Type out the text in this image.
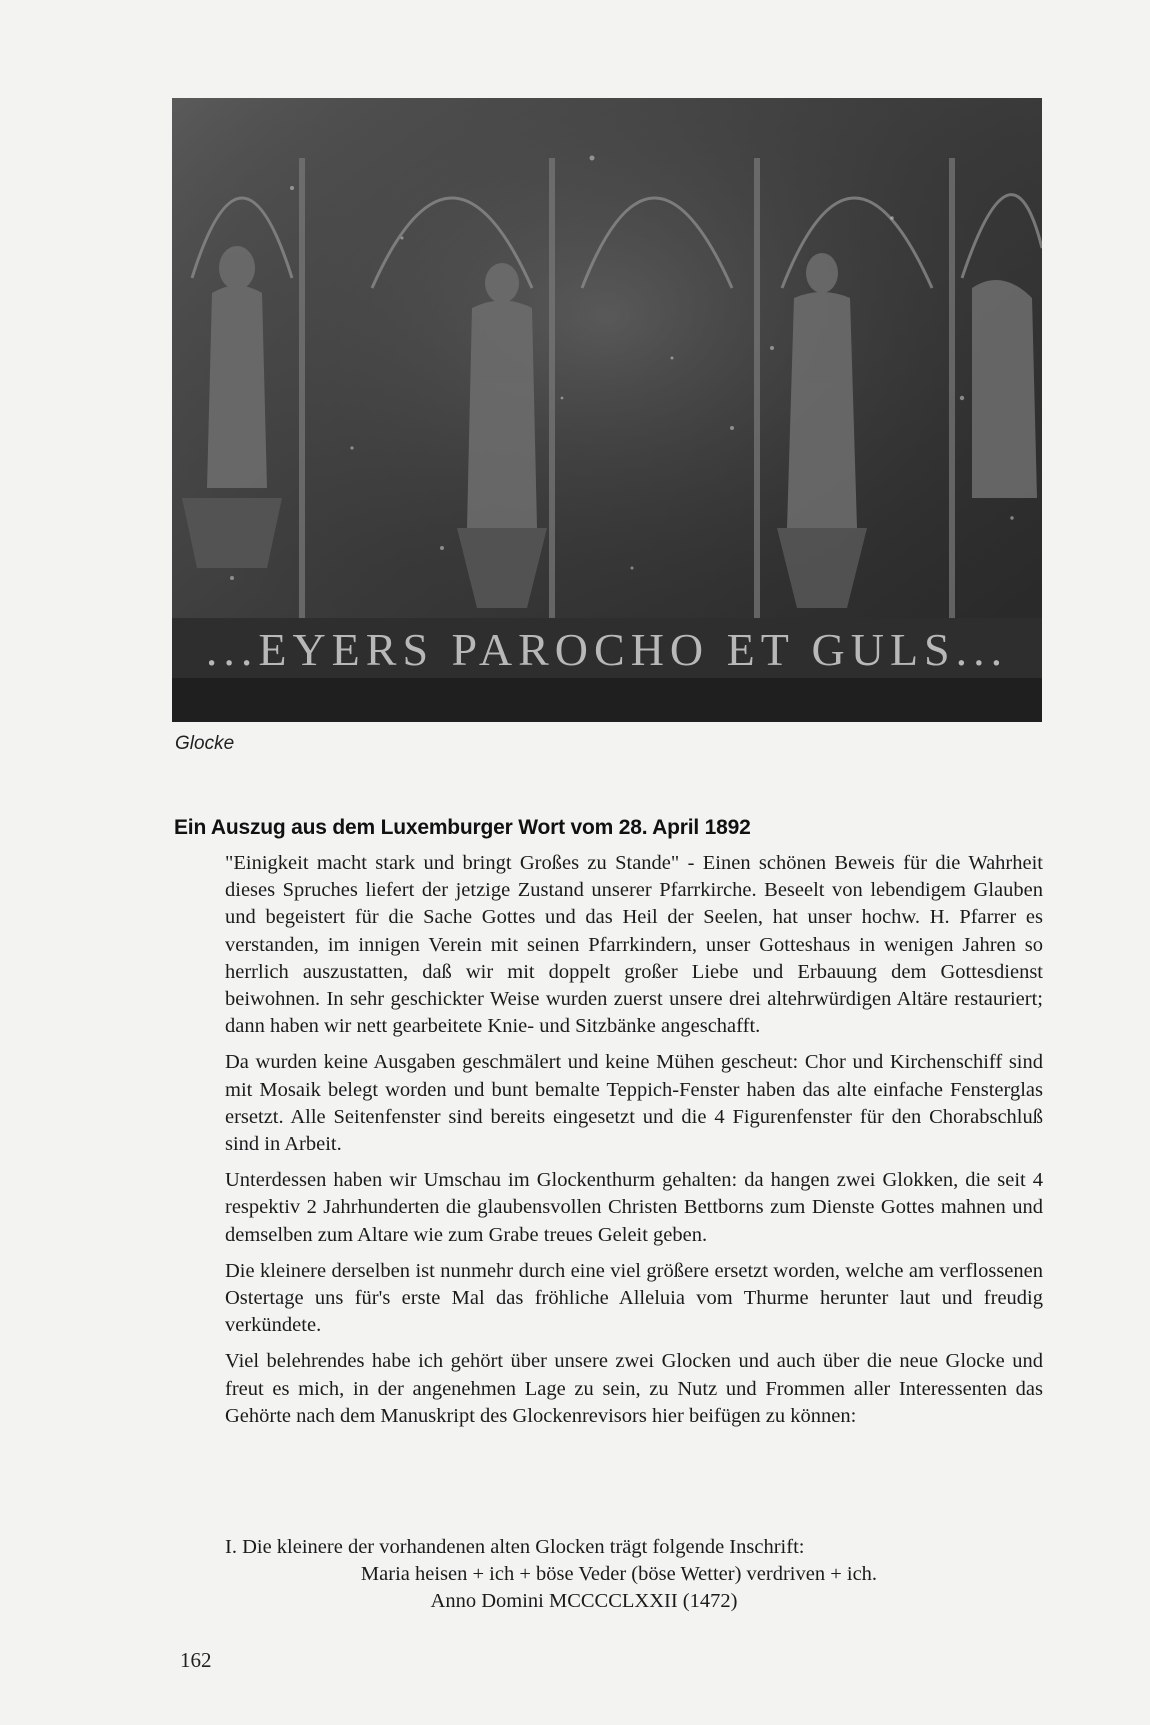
...EYERS PAROCHO ET GULS...
Glocke
Ein Auszug aus dem Luxemburger Wort vom 28. April 1892

"Einigkeit macht stark und bringt Großes zu Stande" - Einen schönen Beweis für die Wahrheit dieses Spruches liefert der jetzige Zustand unserer Pfarrkirche. Beseelt von lebendigem Glauben und begeistert für die Sache Gottes und das Heil der Seelen, hat unser hochw. H. Pfarrer es verstanden, im innigen Verein mit seinen Pfarrkindern, unser Gotteshaus in wenigen Jahren so herrlich auszustatten, daß wir mit doppelt großer Liebe und Erbauung dem Gottesdienst beiwohnen. In sehr geschickter Weise wurden zuerst unsere drei altehrwürdigen Altäre restauriert; dann haben wir nett gearbeitete Knie- und Sitzbänke angeschafft.

Da wurden keine Ausgaben geschmälert und keine Mühen gescheut: Chor und Kirchenschiff sind mit Mosaik belegt worden und bunt bemalte Teppich-Fenster haben das alte einfache Fensterglas ersetzt. Alle Seitenfenster sind bereits eingesetzt und die 4 Figurenfenster für den Chorabschluß sind in Arbeit.

Unterdessen haben wir Umschau im Glockenthurm gehalten: da hangen zwei Glokken, die seit 4 respektiv 2 Jahrhunderten die glaubensvollen Christen Bettborns zum Dienste Gottes mahnen und demselben zum Altare wie zum Grabe treues Geleit geben.

Die kleinere derselben ist nunmehr durch eine viel größere ersetzt worden, welche am verflossenen Ostertage uns für's erste Mal das fröhliche Alleluia vom Thurme herunter laut und freudig verkündete.

Viel belehrendes habe ich gehört über unsere zwei Glocken und auch über die neue Glocke und freut es mich, in der angenehmen Lage zu sein, zu Nutz und Frommen aller Interessenten das Gehörte nach dem Manuskript des Glockenrevisors hier beifügen zu können:

I. Die kleinere der vorhandenen alten Glocken trägt folgende Inschrift:
Maria heisen + ich + böse Veder (böse Wetter) verdriven + ich.
Anno Domini MCCCCLXXII (1472)
162
